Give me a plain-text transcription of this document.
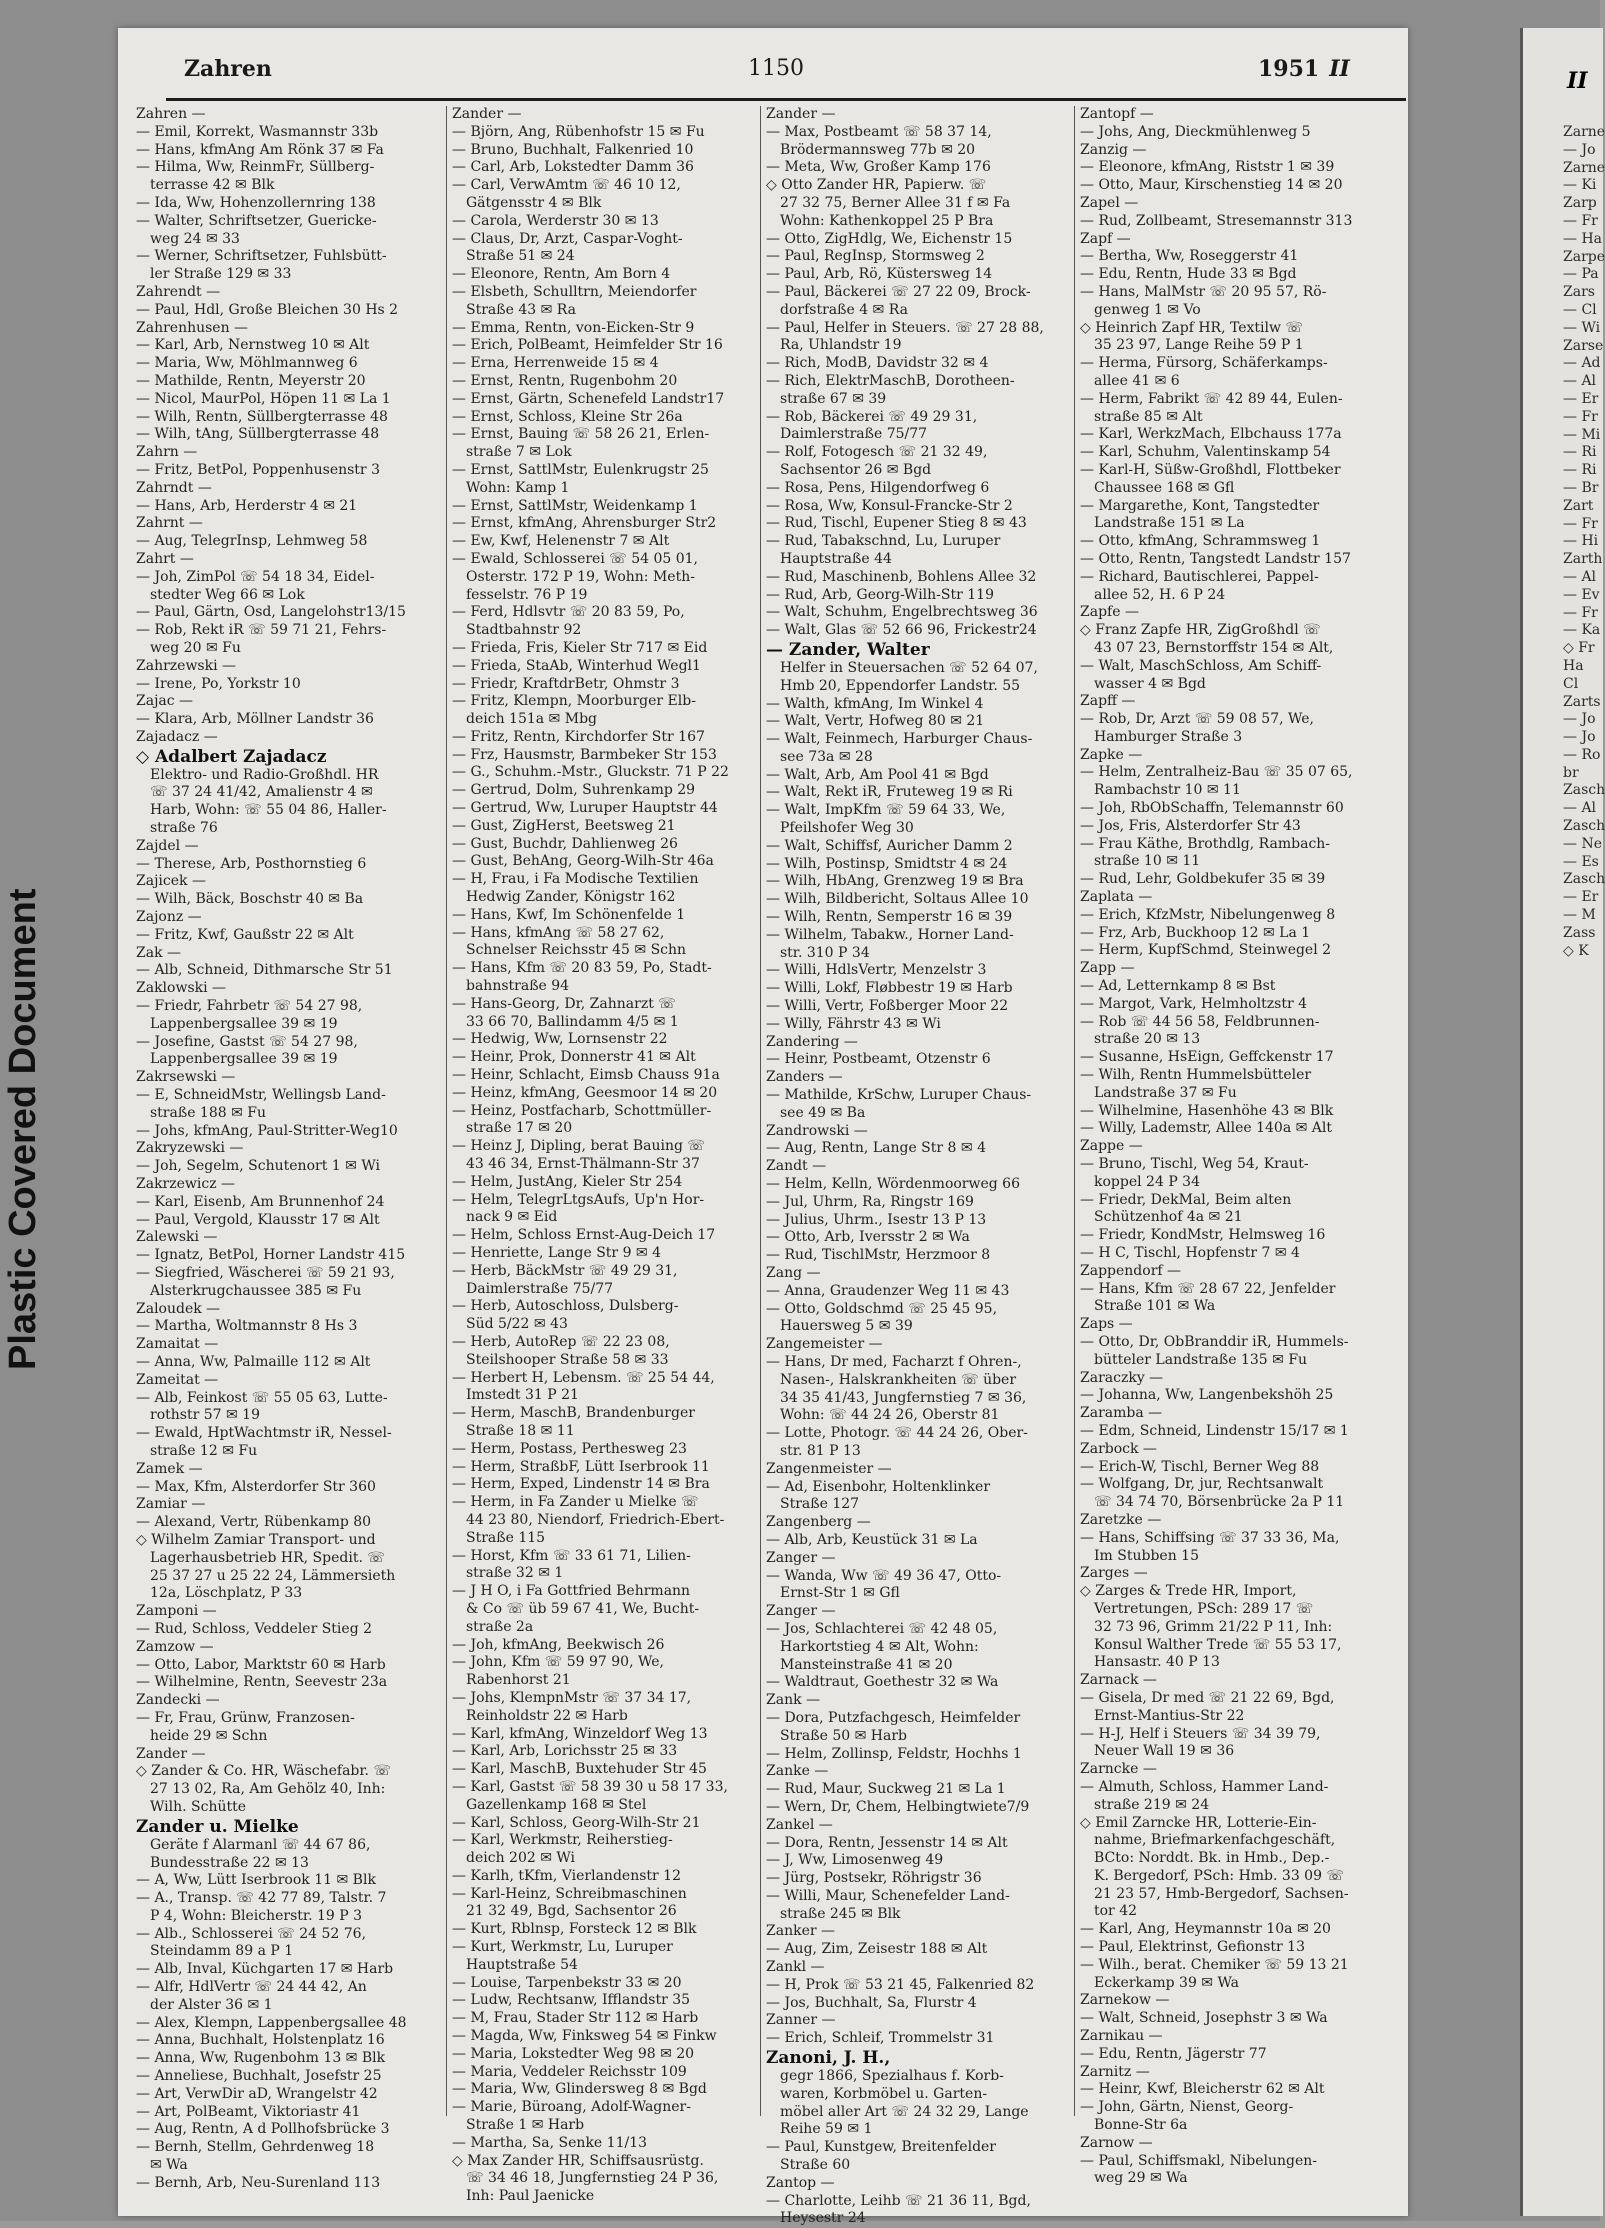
Zahren	1150	1951 II
Zahren —
— Emil, Korrekt, Wasmannstr 33b
— Hans, kfmAng Am Rönk 37 ✉ Fa
— Hilma, Ww, ReinmFr, Süllberg-
terrasse 42 ✉ Blk
— Ida, Ww, Hohenzollernring 138
— Walter, Schriftsetzer, Guericke-
weg 24 ✉ 33
— Werner, Schriftsetzer, Fuhlsbütt-
ler Straße 129 ✉ 33
Zahrendt —
— Paul, Hdl, Große Bleichen 30 Hs 2
Zahrenhusen —
— Karl, Arb, Nernstweg 10 ✉ Alt
— Maria, Ww, Möhlmannweg 6
— Mathilde, Rentn, Meyerstr 20
— Nicol, MaurPol, Höpen 11 ✉ La 1
— Wilh, Rentn, Süllbergterrasse 48
— Wilh, tAng, Süllbergterrasse 48
Zahrn —
— Fritz, BetPol, Poppenhusenstr 3
Zahrndt —
— Hans, Arb, Herderstr 4 ✉ 21
Zahrnt —
— Aug, TelegrInsp, Lehmweg 58
Zahrt —
— Joh, ZimPol ☏ 54 18 34, Eidel-
stedter Weg 66 ✉ Lok
— Paul, Gärtn, Osd, Langelohstr13/15
— Rob, Rekt iR ☏ 59 71 21, Fehrs-
weg 20 ✉ Fu
Zahrzewski —
— Irene, Po, Yorkstr 10
Zajac —
— Klara, Arb, Möllner Landstr 36
Zajadacz —
◇ Adalbert Zajadacz
Elektro- und Radio-Großhdl. HR
☏ 37 24 41/42, Amalienstr 4 ✉
Harb, Wohn: ☏ 55 04 86, Haller-
straße 76
Zajdel —
— Therese, Arb, Posthornstieg 6
Zajicek —
— Wilh, Bäck, Boschstr 40 ✉ Ba
Zajonz —
— Fritz, Kwf, Gaußstr 22 ✉ Alt
Zak —
— Alb, Schneid, Dithmarsche Str 51
Zaklowski —
— Friedr, Fahrbetr ☏ 54 27 98,
Lappenbergsallee 39 ✉ 19
— Josefine, Gastst ☏ 54 27 98,
Lappenbergsallee 39 ✉ 19
Zakrsewski —
— E, SchneidMstr, Wellingsb Land-
straße 188 ✉ Fu
— Johs, kfmAng, Paul-Stritter-Weg10
Zakryzewski —
— Joh, Segelm, Schutenort 1 ✉ Wi
Zakrzewicz —
— Karl, Eisenb, Am Brunnenhof 24
— Paul, Vergold, Klausstr 17 ✉ Alt
Zalewski —
— Ignatz, BetPol, Horner Landstr 415
— Siegfried, Wäscherei ☏ 59 21 93,
Alsterkrugchaussee 385 ✉ Fu
Zaloudek —
— Martha, Woltmannstr 8 Hs 3
Zamaitat —
— Anna, Ww, Palmaille 112 ✉ Alt
Zameitat —
— Alb, Feinkost ☏ 55 05 63, Lutte-
rothstr 57 ✉ 19
— Ewald, HptWachtmstr iR, Nessel-
straße 12 ✉ Fu
Zamek —
— Max, Kfm, Alsterdorfer Str 360
Zamiar —
— Alexand, Vertr, Rübenkamp 80
◇ Wilhelm Zamiar Transport- und
Lagerhausbetrieb HR, Spedit. ☏
25 37 27 u 25 22 24, Lämmersieth
12a, Löschplatz, P 33
Zamponi —
— Rud, Schloss, Veddeler Stieg 2
Zamzow —
— Otto, Labor, Marktstr 60 ✉ Harb
— Wilhelmine, Rentn, Seevestr 23a
Zandecki —
— Fr, Frau, Grünw, Franzosen-
heide 29 ✉ Schn
Zander —
◇ Zander & Co. HR, Wäschefabr. ☏
27 13 02, Ra, Am Gehölz 40, Inh:
Wilh. Schütte
Zander u. Mielke
Geräte f Alarmanl ☏ 44 67 86,
Bundesstraße 22 ✉ 13
— A, Ww, Lütt Iserbrook 11 ✉ Blk
— A., Transp. ☏ 42 77 89, Talstr. 7
P 4, Wohn: Bleicherstr. 19 P 3
— Alb., Schlosserei ☏ 24 52 76,
Steindamm 89 a P 1
— Alb, Inval, Küchgarten 17 ✉ Harb
— Alfr, HdlVertr ☏ 24 44 42, An
der Alster 36 ✉ 1
— Alex, Klempn, Lappenbergsallee 48
— Anna, Buchhalt, Holstenplatz 16
— Anna, Ww, Rugenbohm 13 ✉ Blk
— Anneliese, Buchhalt, Josefstr 25
— Art, VerwDir aD, Wrangelstr 42
— Art, PolBeamt, Viktoriastr 41
— Aug, Rentn, A d Pollhofsbrücke 3
— Bernh, Stellm, Gehrdenweg 18
✉ Wa
— Bernh, Arb, Neu-Surenland 113
Zander —
— Björn, Ang, Rübenhofstr 15 ✉ Fu
— Bruno, Buchhalt, Falkenried 10
— Carl, Arb, Lokstedter Damm 36
— Carl, VerwAmtm ☏ 46 10 12,
Gätgensstr 4 ✉ Blk
— Carola, Werderstr 30 ✉ 13
— Claus, Dr, Arzt, Caspar-Voght-
Straße 51 ✉ 24
— Eleonore, Rentn, Am Born 4
— Elsbeth, Schulltrn, Meiendorfer
Straße 43 ✉ Ra
— Emma, Rentn, von-Eicken-Str 9
— Erich, PolBeamt, Heimfelder Str 16
— Erna, Herrenweide 15 ✉ 4
— Ernst, Rentn, Rugenbohm 20
— Ernst, Gärtn, Schenefeld Landstr17
— Ernst, Schloss, Kleine Str 26a
— Ernst, Bauing ☏ 58 26 21, Erlen-
straße 7 ✉ Lok
— Ernst, SattlMstr, Eulenkrugstr 25
Wohn: Kamp 1
— Ernst, SattlMstr, Weidenkamp 1
— Ernst, kfmAng, Ahrensburger Str2
— Ew, Kwf, Helenenstr 7 ✉ Alt
— Ewald, Schlosserei ☏ 54 05 01,
Osterstr. 172 P 19, Wohn: Meth-
fesselstr. 76 P 19
— Ferd, Hdlsvtr ☏ 20 83 59, Po,
Stadtbahnstr 92
— Frieda, Fris, Kieler Str 717 ✉ Eid
— Frieda, StaAb, Winterhud Wegl1
— Friedr, KraftdrBetr, Ohmstr 3
— Fritz, Klempn, Moorburger Elb-
deich 151a ✉ Mbg
— Fritz, Rentn, Kirchdorfer Str 167
— Frz, Hausmstr, Barmbeker Str 153
— G., Schuhm.-Mstr., Gluckstr. 71 P 22
— Gertrud, Dolm, Suhrenkamp 29
— Gertrud, Ww, Luruper Hauptstr 44
— Gust, ZigHerst, Beetsweg 21
— Gust, Buchdr, Dahlienweg 26
— Gust, BehAng, Georg-Wilh-Str 46a
— H, Frau, i Fa Modische Textilien
Hedwig Zander, Königstr 162
— Hans, Kwf, Im Schönenfelde 1
— Hans, kfmAng ☏ 58 27 62,
Schnelser Reichsstr 45 ✉ Schn
— Hans, Kfm ☏ 20 83 59, Po, Stadt-
bahnstraße 94
— Hans-Georg, Dr, Zahnarzt ☏
33 66 70, Ballindamm 4/5 ✉ 1
— Hedwig, Ww, Lornsenstr 22
— Heinr, Prok, Donnerstr 41 ✉ Alt
— Heinr, Schlacht, Eimsb Chauss 91a
— Heinz, kfmAng, Geesmoor 14 ✉ 20
— Heinz, Postfacharb, Schottmüller-
straße 17 ✉ 20
— Heinz J, Dipling, berat Bauing ☏
43 46 34, Ernst-Thälmann-Str 37
— Helm, JustAng, Kieler Str 254
— Helm, TelegrLtgsAufs, Up'n Hor-
nack 9 ✉ Eid
— Helm, Schloss Ernst-Aug-Deich 17
— Henriette, Lange Str 9 ✉ 4
— Herb, BäckMstr ☏ 49 29 31,
Daimlerstraße 75/77
— Herb, Autoschloss, Dulsberg-
Süd 5/22 ✉ 43
— Herb, AutoRep ☏ 22 23 08,
Steilshooper Straße 58 ✉ 33
— Herbert H, Lebensm. ☏ 25 54 44,
Imstedt 31 P 21
— Herm, MaschB, Brandenburger
Straße 18 ✉ 11
— Herm, Postass, Perthesweg 23
— Herm, StraßbF, Lütt Iserbrook 11
— Herm, Exped, Lindenstr 14 ✉ Bra
— Herm, in Fa Zander u Mielke ☏
44 23 80, Niendorf, Friedrich-Ebert-
Straße 115
— Horst, Kfm ☏ 33 61 71, Lilien-
straße 32 ✉ 1
— J H O, i Fa Gottfried Behrmann
& Co ☏ üb 59 67 41, We, Bucht-
straße 2a
— Joh, kfmAng, Beekwisch 26
— John, Kfm ☏ 59 97 90, We,
Rabenhorst 21
— Johs, KlempnMstr ☏ 37 34 17,
Reinholdstr 22 ✉ Harb
— Karl, kfmAng, Winzeldorf Weg 13
— Karl, Arb, Lorichsstr 25 ✉ 33
— Karl, MaschB, Buxtehuder Str 45
— Karl, Gastst ☏ 58 39 30 u 58 17 33,
Gazellenkamp 168 ✉ Stel
— Karl, Schloss, Georg-Wilh-Str 21
— Karl, Werkmstr, Reiherstieg-
deich 202 ✉ Wi
— Karlh, tKfm, Vierlandenstr 12
— Karl-Heinz, Schreibmaschinen
21 32 49, Bgd, Sachsentor 26
— Kurt, Rblnsp, Forsteck 12 ✉ Blk
— Kurt, Werkmstr, Lu, Luruper
Hauptstraße 54
— Louise, Tarpenbekstr 33 ✉ 20
— Ludw, Rechtsanw, Ifflandstr 35
— M, Frau, Stader Str 112 ✉ Harb
— Magda, Ww, Finksweg 54 ✉ Finkw
— Maria, Lokstedter Weg 98 ✉ 20
— Maria, Veddeler Reichsstr 109
— Maria, Ww, Glindersweg 8 ✉ Bgd
— Marie, Büroang, Adolf-Wagner-
Straße 1 ✉ Harb
— Martha, Sa, Senke 11/13
◇ Max Zander HR, Schiffsausrüstg.
☏ 34 46 18, Jungfernstieg 24 P 36,
Inh: Paul Jaenicke
Zander —
— Max, Postbeamt ☏ 58 37 14,
Brödermannsweg 77b ✉ 20
— Meta, Ww, Großer Kamp 176
◇ Otto Zander HR, Papierw. ☏
27 32 75, Berner Allee 31 f ✉ Fa
Wohn: Kathenkoppel 25 P Bra
— Otto, ZigHdlg, We, Eichenstr 15
— Paul, RegInsp, Stormsweg 2
— Paul, Arb, Rö, Küstersweg 14
— Paul, Bäckerei ☏ 27 22 09, Brock-
dorfstraße 4 ✉ Ra
— Paul, Helfer in Steuers. ☏ 27 28 88,
Ra, Uhlandstr 19
— Rich, ModB, Davidstr 32 ✉ 4
— Rich, ElektrMaschB, Dorotheen-
straße 67 ✉ 39
— Rob, Bäckerei ☏ 49 29 31,
Daimlerstraße 75/77
— Rolf, Fotogesch ☏ 21 32 49,
Sachsentor 26 ✉ Bgd
— Rosa, Pens, Hilgendorfweg 6
— Rosa, Ww, Konsul-Francke-Str 2
— Rud, Tischl, Eupener Stieg 8 ✉ 43
— Rud, Tabakschnd, Lu, Luruper
Hauptstraße 44
— Rud, Maschinenb, Bohlens Allee 32
— Rud, Arb, Georg-Wilh-Str 119
— Walt, Schuhm, Engelbrechtsweg 36
— Walt, Glas ☏ 52 66 96, Frickestr24
— Zander, Walter
Helfer in Steuersachen ☏ 52 64 07,
Hmb 20, Eppendorfer Landstr. 55
— Walth, kfmAng, Im Winkel 4
— Walt, Vertr, Hofweg 80 ✉ 21
— Walt, Feinmech, Harburger Chaus-
see 73a ✉ 28
— Walt, Arb, Am Pool 41 ✉ Bgd
— Walt, Rekt iR, Fruteweg 19 ✉ Ri
— Walt, ImpKfm ☏ 59 64 33, We,
Pfeilshofer Weg 30
— Walt, Schiffsf, Auricher Damm 2
— Wilh, Postinsp, Smidtstr 4 ✉ 24
— Wilh, HbAng, Grenzweg 19 ✉ Bra
— Wilh, Bildbericht, Soltaus Allee 10
— Wilh, Rentn, Semperstr 16 ✉ 39
— Wilhelm, Tabakw., Horner Land-
str. 310 P 34
— Willi, HdlsVertr, Menzelstr 3
— Willi, Lokf, Fløbbestr 19 ✉ Harb
— Willi, Vertr, Foßberger Moor 22
— Willy, Fährstr 43 ✉ Wi
Zandering —
— Heinr, Postbeamt, Otzenstr 6
Zanders —
— Mathilde, KrSchw, Luruper Chaus-
see 49 ✉ Ba
Zandrowski —
— Aug, Rentn, Lange Str 8 ✉ 4
Zandt —
— Helm, Kelln, Wördenmoorweg 66
— Jul, Uhrm, Ra, Ringstr 169
— Julius, Uhrm., Isestr 13 P 13
— Otto, Arb, Iversstr 2 ✉ Wa
— Rud, TischlMstr, Herzmoor 8
Zang —
— Anna, Graudenzer Weg 11 ✉ 43
— Otto, Goldschmd ☏ 25 45 95,
Hauersweg 5 ✉ 39
Zangemeister —
— Hans, Dr med, Facharzt f Ohren-,
Nasen-, Halskrankheiten ☏ über
34 35 41/43, Jungfernstieg 7 ✉ 36,
Wohn: ☏ 44 24 26, Oberstr 81
— Lotte, Photogr. ☏ 44 24 26, Ober-
str. 81 P 13
Zangenmeister —
— Ad, Eisenbohr, Holtenklinker
Straße 127
Zangenberg —
— Alb, Arb, Keustück 31 ✉ La
Zanger —
— Wanda, Ww ☏ 49 36 47, Otto-
Ernst-Str 1 ✉ Gfl
Zanger —
— Jos, Schlachterei ☏ 42 48 05,
Harkortstieg 4 ✉ Alt, Wohn:
Mansteinstraße 41 ✉ 20
— Waldtraut, Goethestr 32 ✉ Wa
Zank —
— Dora, Putzfachgesch, Heimfelder
Straße 50 ✉ Harb
— Helm, Zollinsp, Feldstr, Hochhs 1
Zanke —
— Rud, Maur, Suckweg 21 ✉ La 1
— Wern, Dr, Chem, Helbingtwiete7/9
Zankel —
— Dora, Rentn, Jessenstr 14 ✉ Alt
— J, Ww, Limosenweg 49
— Jürg, Postsekr, Röhrigstr 36
— Willi, Maur, Schenefelder Land-
straße 245 ✉ Blk
Zanker —
— Aug, Zim, Zeisestr 188 ✉ Alt
Zankl —
— H, Prok ☏ 53 21 45, Falkenried 82
— Jos, Buchhalt, Sa, Flurstr 4
Zanner —
— Erich, Schleif, Trommelstr 31
Zanoni, J. H.,
gegr 1866, Spezialhaus f. Korb-
waren, Korbmöbel u. Garten-
möbel aller Art ☏ 24 32 29, Lange
Reihe 59 ✉ 1
— Paul, Kunstgew, Breitenfelder
Straße 60
Zantop —
— Charlotte, Leihb ☏ 21 36 11, Bgd,
Heysestr 24
Zantopf —
— Johs, Ang, Dieckmühlenweg 5
Zanzig —
— Eleonore, kfmAng, Riststr 1 ✉ 39
— Otto, Maur, Kirschenstieg 14 ✉ 20
Zapel —
— Rud, Zollbeamt, Stresemannstr 313
Zapf —
— Bertha, Ww, Roseggerstr 41
— Edu, Rentn, Hude 33 ✉ Bgd
— Hans, MalMstr ☏ 20 95 57, Rö-
genweg 1 ✉ Vo
◇ Heinrich Zapf HR, Textilw ☏
35 23 97, Lange Reihe 59 P 1
— Herma, Fürsorg, Schäferkamps-
allee 41 ✉ 6
— Herm, Fabrikt ☏ 42 89 44, Eulen-
straße 85 ✉ Alt
— Karl, WerkzMach, Elbchauss 177a
— Karl, Schuhm, Valentinskamp 54
— Karl-H, Süßw-Großhdl, Flottbeker
Chaussee 168 ✉ Gfl
— Margarethe, Kont, Tangstedter
Landstraße 151 ✉ La
— Otto, kfmAng, Schrammsweg 1
— Otto, Rentn, Tangstedt Landstr 157
— Richard, Bautischlerei, Pappel-
allee 52, H. 6 P 24
Zapfe —
◇ Franz Zapfe HR, ZigGroßhdl ☏
43 07 23, Bernstorffstr 154 ✉ Alt,
— Walt, MaschSchloss, Am Schiff-
wasser 4 ✉ Bgd
Zapff —
— Rob, Dr, Arzt ☏ 59 08 57, We,
Hamburger Straße 3
Zapke —
— Helm, Zentralheiz-Bau ☏ 35 07 65,
Rambachstr 10 ✉ 11
— Joh, RbObSchaffn, Telemannstr 60
— Jos, Fris, Alsterdorfer Str 43
— Frau Käthe, Brothdlg, Rambach-
straße 10 ✉ 11
— Rud, Lehr, Goldbekufer 35 ✉ 39
Zaplata —
— Erich, KfzMstr, Nibelungenweg 8
— Frz, Arb, Buckhoop 12 ✉ La 1
— Herm, KupfSchmd, Steinwegel 2
Zapp —
— Ad, Letternkamp 8 ✉ Bst
— Margot, Vark, Helmholtzstr 4
— Rob ☏ 44 56 58, Feldbrunnen-
straße 20 ✉ 13
— Susanne, HsEign, Geffckenstr 17
— Wilh, Rentn Hummelsbütteler
Landstraße 37 ✉ Fu
— Wilhelmine, Hasenhöhe 43 ✉ Blk
— Willy, Lademstr, Allee 140a ✉ Alt
Zappe —
— Bruno, Tischl, Weg 54, Kraut-
koppel 24 P 34
— Friedr, DekMal, Beim alten
Schützenhof 4a ✉ 21
— Friedr, KondMstr, Helmsweg 16
— H C, Tischl, Hopfenstr 7 ✉ 4
Zappendorf —
— Hans, Kfm ☏ 28 67 22, Jenfelder
Straße 101 ✉ Wa
Zaps —
— Otto, Dr, ObBranddir iR, Hummels-
bütteler Landstraße 135 ✉ Fu
Zaraczky —
— Johanna, Ww, Langenbekshöh 25
Zaramba —
— Edm, Schneid, Lindenstr 15/17 ✉ 1
Zarbock —
— Erich-W, Tischl, Berner Weg 88
— Wolfgang, Dr, jur, Rechtsanwalt
☏ 34 74 70, Börsenbrücke 2a P 11
Zaretzke —
— Hans, Schiffsing ☏ 37 33 36, Ma,
Im Stubben 15
Zarges —
◇ Zarges & Trede HR, Import,
Vertretungen, PSch: 289 17 ☏
32 73 96, Grimm 21/22 P 11, Inh:
Konsul Walther Trede ☏ 55 53 17,
Hansastr. 40 P 13
Zarnack —
— Gisela, Dr med ☏ 21 22 69, Bgd,
Ernst-Mantius-Str 22
— H-J, Helf i Steuers ☏ 34 39 79,
Neuer Wall 19 ✉ 36
Zarncke —
— Almuth, Schloss, Hammer Land-
straße 219 ✉ 24
◇ Emil Zarncke HR, Lotterie-Ein-
nahme, Briefmarkenfachgeschäft,
BCto: Norddt. Bk. in Hmb., Dep.-
K. Bergedorf, PSch: Hmb. 33 09 ☏
21 23 57, Hmb-Bergedorf, Sachsen-
tor 42
— Karl, Ang, Heymannstr 10a ✉ 20
— Paul, Elektrinst, Gefionstr 13
— Wilh., berat. Chemiker ☏ 59 13 21
Eckerkamp 39 ✉ Wa
Zarnekow —
— Walt, Schneid, Josephstr 3 ✉ Wa
Zarnikau —
— Edu, Rentn, Jägerstr 77
Zarnitz —
— Heinr, Kwf, Bleicherstr 62 ✉ Alt
— John, Gärtn, Nienst, Georg-
Bonne-Str 6a
Zarnow —
— Paul, Schiffsmakl, Nibelungen-
weg 29 ✉ Wa
II
Zarne
— Jo
Zarne
— Ki
Zarp
— Fr
— Ha
Zarpe
— Pa
Zars
— Cl
— Wi
Zarse
— Ad
— Al
— Er
— Fr
— Mi
— Ri
— Ri
— Br
Zart
— Fr
— Hi
Zarth
— Al
— Ev
— Fr
— Ka
◇ Fr
Ha
Cl
Zarts
— Jo
— Jo
— Ro
br
Zasch
— Al
Zasch
— Ne
— Es
Zasch
— Er
— M
Zass
◇ K
